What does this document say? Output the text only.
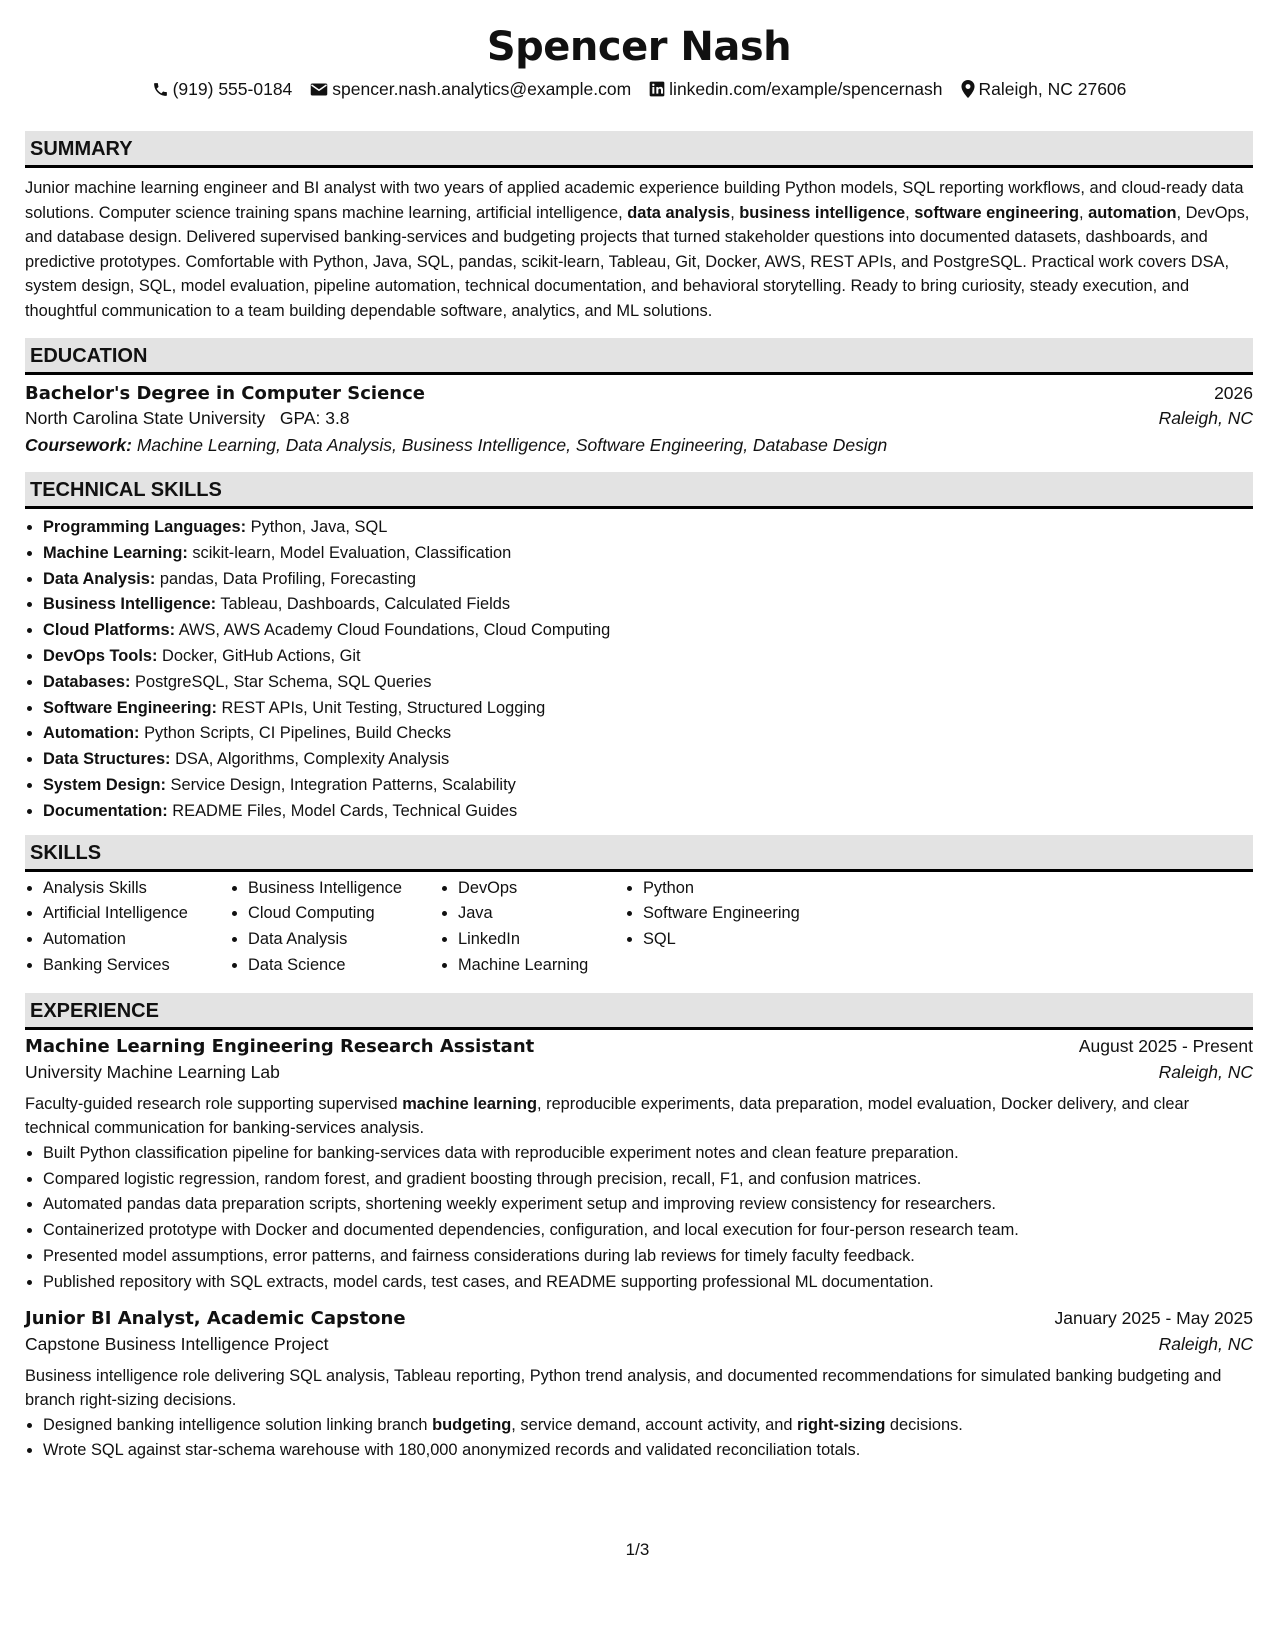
Spencer Nash
(919) 555-0184 spencer.nash.analytics@example.com linkedin.com/example/spencernash Raleigh, NC 27606
SUMMARY

Junior machine learning engineer and BI analyst with two years of applied academic experience building Python models, SQL reporting workflows, and cloud-ready data solutions. Computer science training spans machine learning, artificial intelligence, data analysis, business intelligence, software engineering, automation, DevOps, and database design. Delivered supervised banking-services and budgeting projects that turned stakeholder questions into documented datasets, dashboards, and predictive prototypes. Comfortable with Python, Java, SQL, pandas, scikit-learn, Tableau, Git, Docker, AWS, REST APIs, and PostgreSQL. Practical work covers DSA, system design, SQL, model evaluation, pipeline automation, technical documentation, and behavioral storytelling. Ready to bring curiosity, steady execution, and thoughtful communication to a team building dependable software, analytics, and ML solutions.

EDUCATION
Bachelor's Degree in Computer Science	2026
North Carolina State University GPA: 3.8	Raleigh, NC
Coursework: Machine Learning, Data Analysis, Business Intelligence, Software Engineering, Database Design
TECHNICAL SKILLS
• Programming Languages: Python, Java, SQL
• Machine Learning: scikit-learn, Model Evaluation, Classification
• Data Analysis: pandas, Data Profiling, Forecasting
• Business Intelligence: Tableau, Dashboards, Calculated Fields
• Cloud Platforms: AWS, AWS Academy Cloud Foundations, Cloud Computing
• DevOps Tools: Docker, GitHub Actions, Git
• Databases: PostgreSQL, Star Schema, SQL Queries
• Software Engineering: REST APIs, Unit Testing, Structured Logging
• Automation: Python Scripts, CI Pipelines, Build Checks
• Data Structures: DSA, Algorithms, Complexity Analysis
• System Design: Service Design, Integration Patterns, Scalability
• Documentation: README Files, Model Cards, Technical Guides
SKILLS
• Analysis Skills
• Artificial Intelligence
• Automation
• Banking Services
• Business Intelligence
• Cloud Computing
• Data Analysis
• Data Science
• DevOps
• Java
• LinkedIn
• Machine Learning
• Python
• Software Engineering
• SQL
EXPERIENCE
Machine Learning Engineering Research Assistant	August 2025 - Present
University Machine Learning Lab	Raleigh, NC

Faculty-guided research role supporting supervised machine learning, reproducible experiments, data preparation, model evaluation, Docker delivery, and clear technical communication for banking-services analysis.

• Built Python classification pipeline for banking-services data with reproducible experiment notes and clean feature preparation.
• Compared logistic regression, random forest, and gradient boosting through precision, recall, F1, and confusion matrices.
• Automated pandas data preparation scripts, shortening weekly experiment setup and improving review consistency for researchers.
• Containerized prototype with Docker and documented dependencies, configuration, and local execution for four-person research team.
• Presented model assumptions, error patterns, and fairness considerations during lab reviews for timely faculty feedback.
• Published repository with SQL extracts, model cards, test cases, and README supporting professional ML documentation.
Junior BI Analyst, Academic Capstone	January 2025 - May 2025
Capstone Business Intelligence Project	Raleigh, NC

Business intelligence role delivering SQL analysis, Tableau reporting, Python trend analysis, and documented recommendations for simulated banking budgeting and branch right-sizing decisions.

• Designed banking intelligence solution linking branch budgeting, service demand, account activity, and right-sizing decisions.
• Wrote SQL against star-schema warehouse with 180,000 anonymized records and validated reconciliation totals.
1/3
